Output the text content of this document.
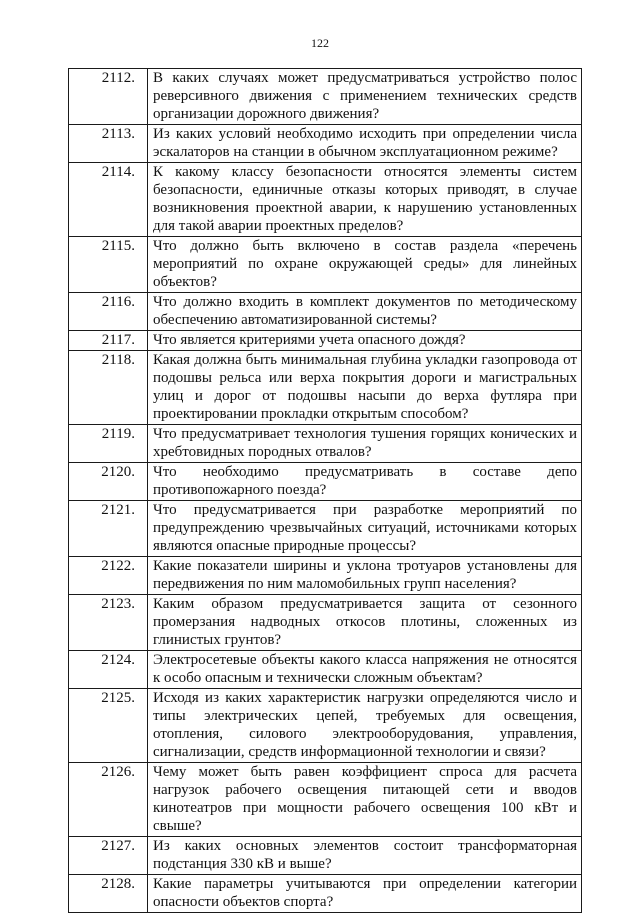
122
2112.	В каких случаях может предусматриваться устройство полос реверсивного движения с применением технических средств организации дорожного движения?
2113.	Из каких условий необходимо исходить при определении числа эскалаторов на станции в обычном эксплуатационном режиме?
2114.	К какому классу безопасности относятся элементы систем безопасности, единичные отказы которых приводят, в случае возникновения проектной аварии, к нарушению установленных для такой аварии проектных пределов?
2115.	Что должно быть включено в состав раздела «перечень мероприятий по охране окружающей среды» для линейных объектов?
2116.	Что должно входить в комплект документов по методическому обеспечению автоматизированной системы?
2117.	Что является критериями учета опасного дождя?
2118.	Какая должна быть минимальная глубина укладки газопровода от подошвы рельса или верха покрытия дороги и магистральных улиц и дорог от подошвы насыпи до верха футляра при проектировании прокладки открытым способом?
2119.	Что предусматривает технология тушения горящих конических и хребтовидных породных отвалов?
2120.	Что необходимо предусматривать в составе депо противопожарного поезда?
2121.	Что предусматривается при разработке мероприятий по предупреждению чрезвычайных ситуаций, источниками которых являются опасные природные процессы?
2122.	Какие показатели ширины и уклона тротуаров установлены для передвижения по ним маломобильных групп населения?
2123.	Каким образом предусматривается защита от сезонного промерзания надводных откосов плотины, сложенных из глинистых грунтов?
2124.	Электросетевые объекты какого класса напряжения не относятся к особо опасным и технически сложным объектам?
2125.	Исходя из каких характеристик нагрузки определяются число и типы электрических цепей, требуемых для освещения, отопления, силового электрооборудования, управления, сигнализации, средств информационной технологии и связи?
2126.	Чему может быть равен коэффициент спроса для расчета нагрузок рабочего освещения питающей сети и вводов кинотеатров при мощности рабочего освещения 100 кВт и свыше?
2127.	Из каких основных элементов состоит трансформаторная подстанция 330 кВ и выше?
2128.	Какие параметры учитываются при определении категории опасности объектов спорта?
